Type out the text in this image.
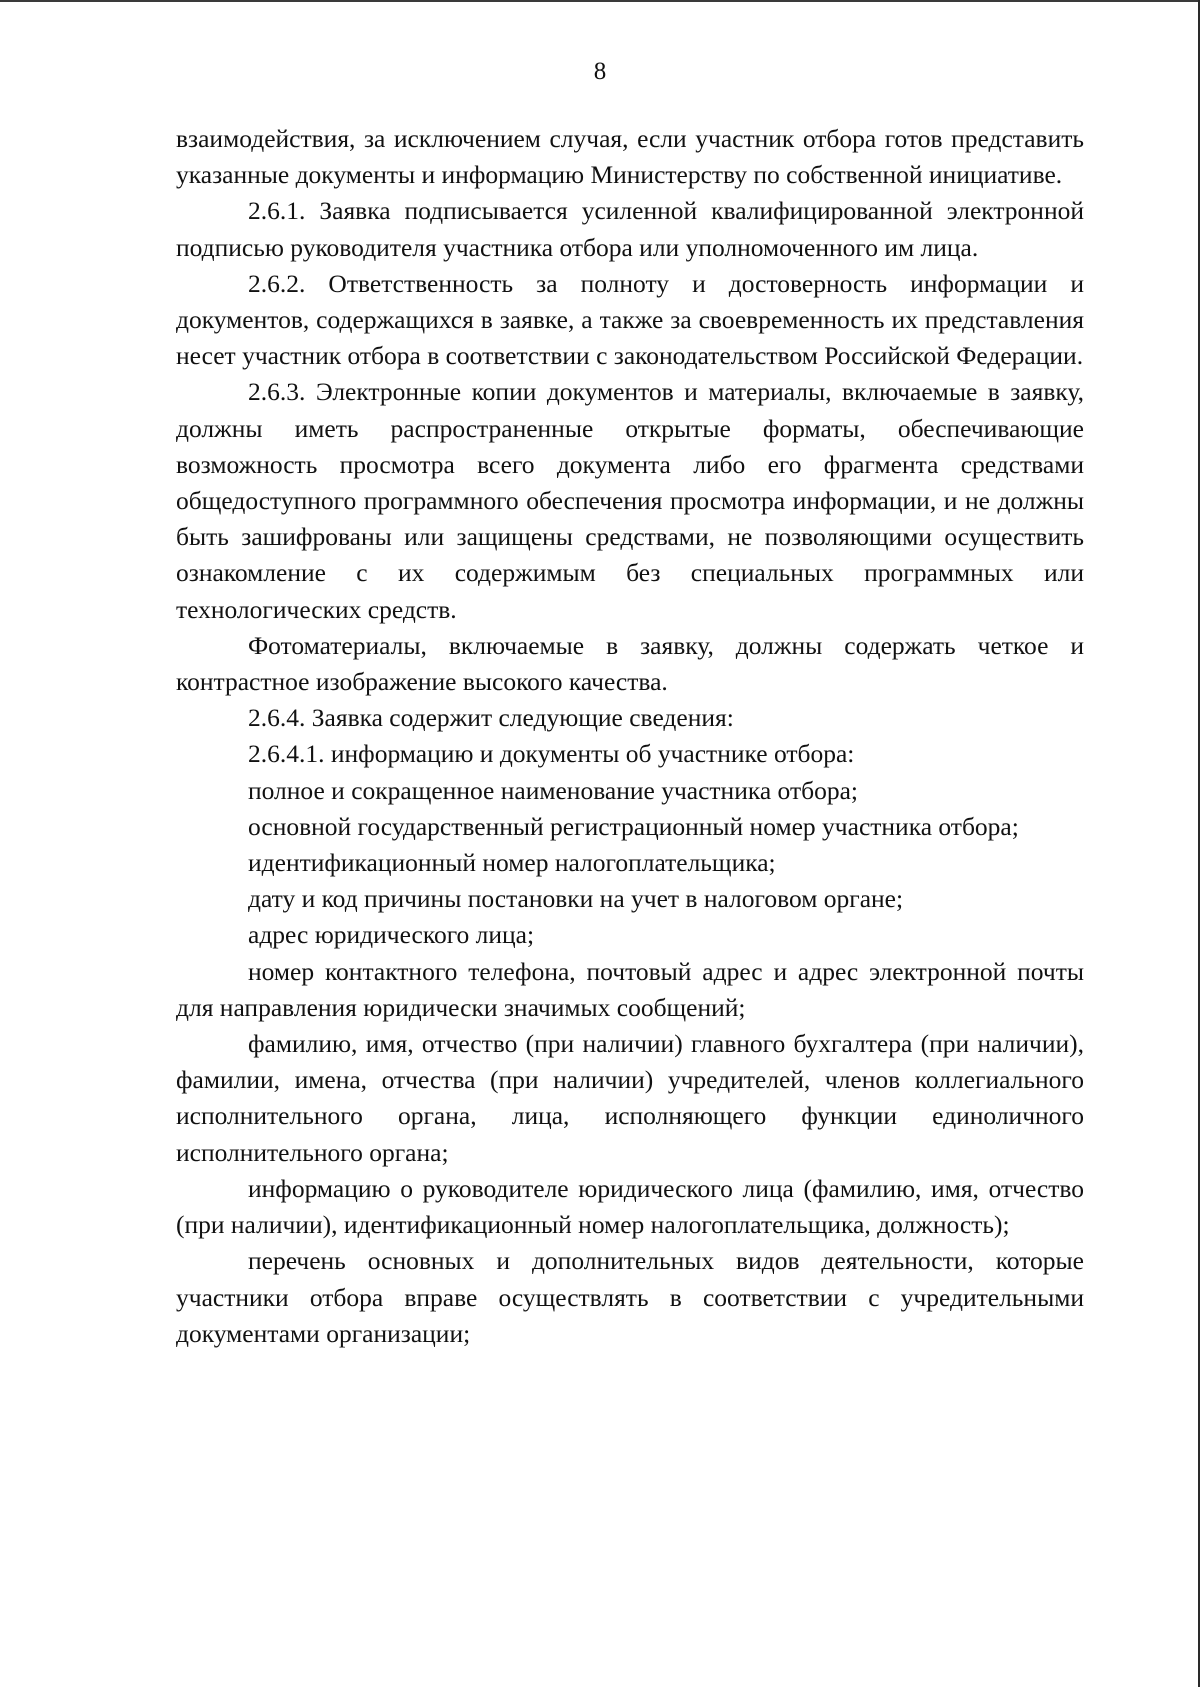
8

взаимодействия, за исключением случая, если участник отбора готов представить указанные документы и информацию Министерству по собственной инициативе.

2.6.1. Заявка подписывается усиленной квалифицированной электронной подписью руководителя участника отбора или уполномоченного им лица.

2.6.2. Ответственность за полноту и достоверность информации и документов, содержащихся в заявке, а также за своевременность их представления несет участник отбора в соответствии с законодательством Российской Федерации.

2.6.3. Электронные копии документов и материалы, включаемые в заявку, должны иметь распространенные открытые форматы, обеспечивающие возможность просмотра всего документа либо его фрагмента средствами общедоступного программного обеспечения просмотра информации, и не должны быть зашифрованы или защищены средствами, не позволяющими осуществить ознакомление с их содержимым без специальных программных или технологических средств.

Фотоматериалы, включаемые в заявку, должны содержать четкое и контрастное изображение высокого качества.

2.6.4. Заявка содержит следующие сведения:

2.6.4.1. информацию и документы об участнике отбора:

полное и сокращенное наименование участника отбора;

основной государственный регистрационный номер участника отбора;

идентификационный номер налогоплательщика;

дату и код причины постановки на учет в налоговом органе;

адрес юридического лица;

номер контактного телефона, почтовый адрес и адрес электронной почты для направления юридически значимых сообщений;

фамилию, имя, отчество (при наличии) главного бухгалтера (при наличии), фамилии, имена, отчества (при наличии) учредителей, членов коллегиального исполнительного органа, лица, исполняющего функции единоличного исполнительного органа;

информацию о руководителе юридического лица (фамилию, имя, отчество (при наличии), идентификационный номер налогоплательщика, должность);

перечень основных и дополнительных видов деятельности, которые участники отбора вправе осуществлять в соответствии с учредительными документами организации;
